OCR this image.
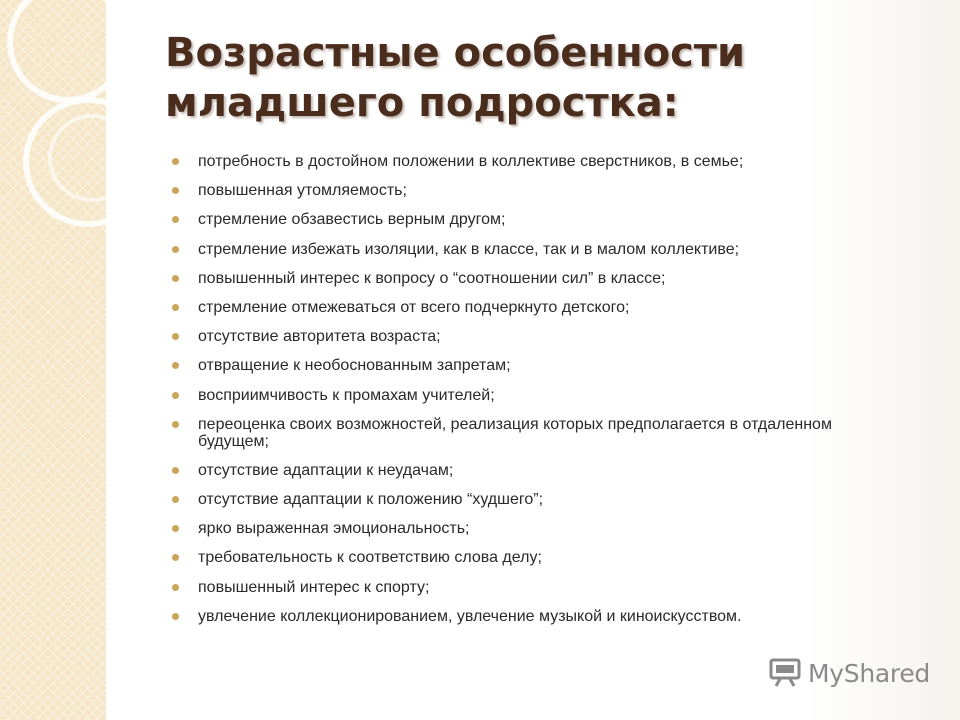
Возрастные особенности
младшего подростка:
потребность в достойном положении в коллективе сверстников, в семье;
повышенная утомляемость;
стремление обзавестись верным другом;
стремление избежать изоляции, как в классе, так и в малом коллективе;
повышенный интерес к вопросу о “соотношении сил” в классе;
стремление отмежеваться от всего подчеркнуто детского;
отсутствие авторитета возраста;
отвращение к необоснованным запретам;
восприимчивость к промахам учителей;
переоценка своих возможностей, реализация которых предполагается в отдаленном будущем;
отсутствие адаптации к неудачам;
отсутствие адаптации к положению “худшего”;
ярко выраженная эмоциональность;
требовательность к соответствию слова делу;
повышенный интерес к спорту;
увлечение коллекционированием, увлечение музыкой и киноискусством.
MyShared
